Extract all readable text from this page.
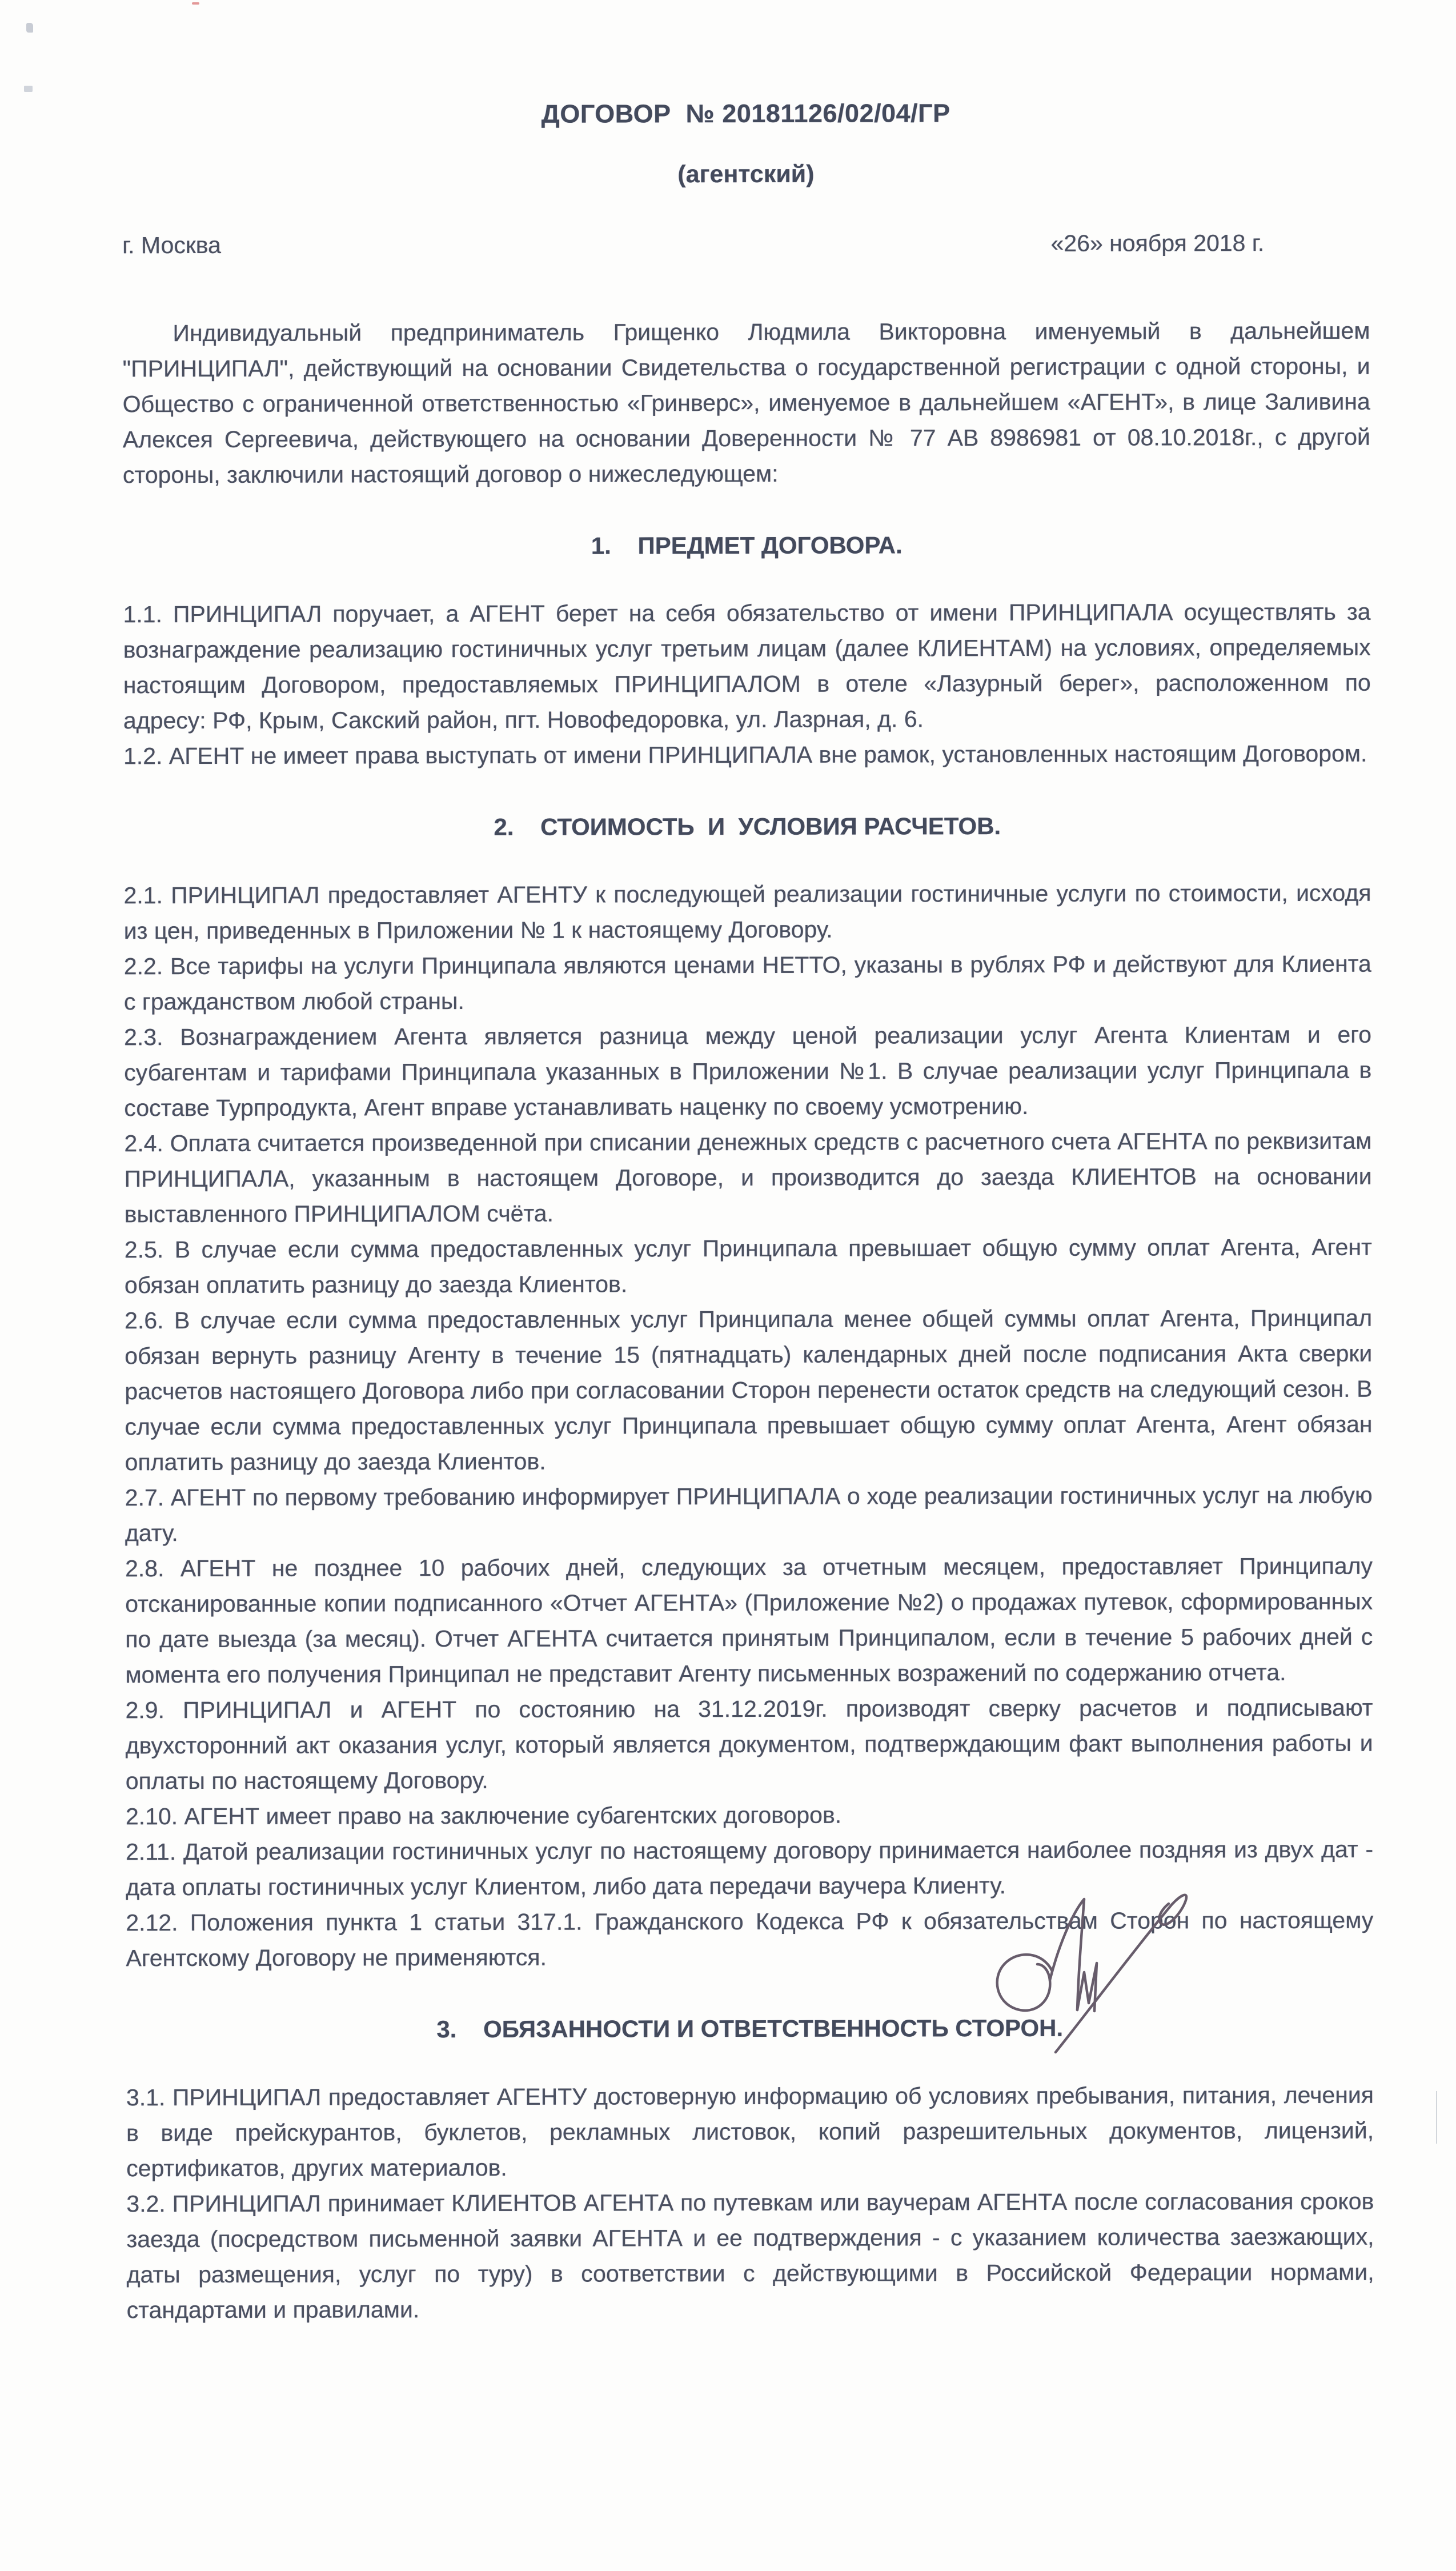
ДОГОВОР  № 20181126/02/04/ГР
(агентский)
г. Москва	«26» ноября 2018 г.

Индивидуальный предприниматель Грищенко Людмила Викторовна именуемый в дальнейшем "ПРИНЦИПАЛ", действующий на основании Свидетельства о государственной регистрации с одной стороны, и Общество с ограниченной ответственностью «Гринверс», именуемое в дальнейшем «АГЕНТ», в лице Заливина Алексея Сергеевича, действующего на основании Доверенности № 77 АВ 8986981 от 08.10.2018г., с другой стороны, заключили настоящий договор о нижеследующем:

1.    ПРЕДМЕТ ДОГОВОРА.

1.1. ПРИНЦИПАЛ поручает, а АГЕНТ берет на себя обязательство от имени ПРИНЦИПАЛА осуществлять за вознаграждение реализацию гостиничных услуг третьим лицам (далее КЛИЕНТАМ) на условиях, определяемых настоящим Договором, предоставляемых ПРИНЦИПАЛОМ в отеле «Лазурный берег», расположенном по адресу: РФ, Крым, Сакский район, пгт. Новофедоровка, ул. Лазрная, д. 6.

1.2. АГЕНТ не имеет права выступать от имени ПРИНЦИПАЛА вне рамок, установленных настоящим Договором.

2.    СТОИМОСТЬ  И  УСЛОВИЯ РАСЧЕТОВ.

2.1. ПРИНЦИПАЛ предоставляет АГЕНТУ к последующей реализации гостиничные услуги по стоимости, исходя из цен, приведенных в Приложении № 1 к настоящему Договору.

2.2. Все тарифы на услуги Принципала являются ценами НЕТТО, указаны в рублях РФ и действуют для Клиента с гражданством любой страны.

2.3. Вознаграждением Агента является разница между ценой реализации услуг Агента Клиентам и его субагентам и тарифами Принципала указанных в Приложении №1. В случае реализации услуг Принципала в составе Турпродукта, Агент вправе устанавливать наценку по своему усмотрению.

2.4. Оплата считается произведенной при списании денежных средств с расчетного счета АГЕНТА по реквизитам ПРИНЦИПАЛА, указанным в настоящем Договоре, и производится до заезда КЛИЕНТОВ на основании выставленного ПРИНЦИПАЛОМ счёта.

2.5. В случае если сумма предоставленных услуг Принципала превышает общую сумму оплат Агента, Агент обязан оплатить разницу до заезда Клиентов.

2.6. В случае если сумма предоставленных услуг Принципала менее общей суммы оплат Агента, Принципал обязан вернуть разницу Агенту в течение 15 (пятнадцать) календарных дней после подписания Акта сверки расчетов настоящего Договора либо при согласовании Сторон перенести остаток средств на следующий сезон. В случае если сумма предоставленных услуг Принципала превышает общую сумму оплат Агента, Агент обязан оплатить разницу до заезда Клиентов.

2.7. АГЕНТ по первому требованию информирует ПРИНЦИПАЛА о ходе реализации гостиничных услуг на любую дату.

2.8. АГЕНТ не позднее 10 рабочих дней, следующих за отчетным месяцем, предоставляет Принципалу отсканированные копии подписанного «Отчет АГЕНТА» (Приложение №2) о продажах путевок, сформированных по дате выезда (за месяц). Отчет АГЕНТА считается принятым Принципалом, если в течение 5 рабочих дней с момента его получения Принципал не представит Агенту письменных возражений по содержанию отчета.

2.9. ПРИНЦИПАЛ и АГЕНТ по состоянию на 31.12.2019г. производят сверку расчетов и подписывают двухсторонний акт оказания услуг, который является документом, подтверждающим факт выполнения работы и оплаты по настоящему Договору.

2.10. АГЕНТ имеет право на заключение субагентских договоров.

2.11. Датой реализации гостиничных услуг по настоящему договору принимается наиболее поздняя из двух дат - дата оплаты гостиничных услуг Клиентом, либо дата передачи ваучера Клиенту.

2.12. Положения пункта 1 статьи 317.1. Гражданского Кодекса РФ к обязательствам Сторон по настоящему Агентскому Договору не применяются.

3.    ОБЯЗАННОСТИ И ОТВЕТСТВЕННОСТЬ СТОРОН.

3.1. ПРИНЦИПАЛ предоставляет АГЕНТУ достоверную информацию об условиях пребывания, питания, лечения в виде прейскурантов, буклетов, рекламных листовок, копий разрешительных документов, лицензий, сертификатов, других материалов.

3.2. ПРИНЦИПАЛ принимает КЛИЕНТОВ АГЕНТА по путевкам или ваучерам АГЕНТА после согласования сроков заезда (посредством письменной заявки АГЕНТА и ее подтверждения - с указанием количества заезжающих, даты размещения, услуг по туру) в соответствии с действующими в Российской Федерации нормами, стандартами и правилами.
